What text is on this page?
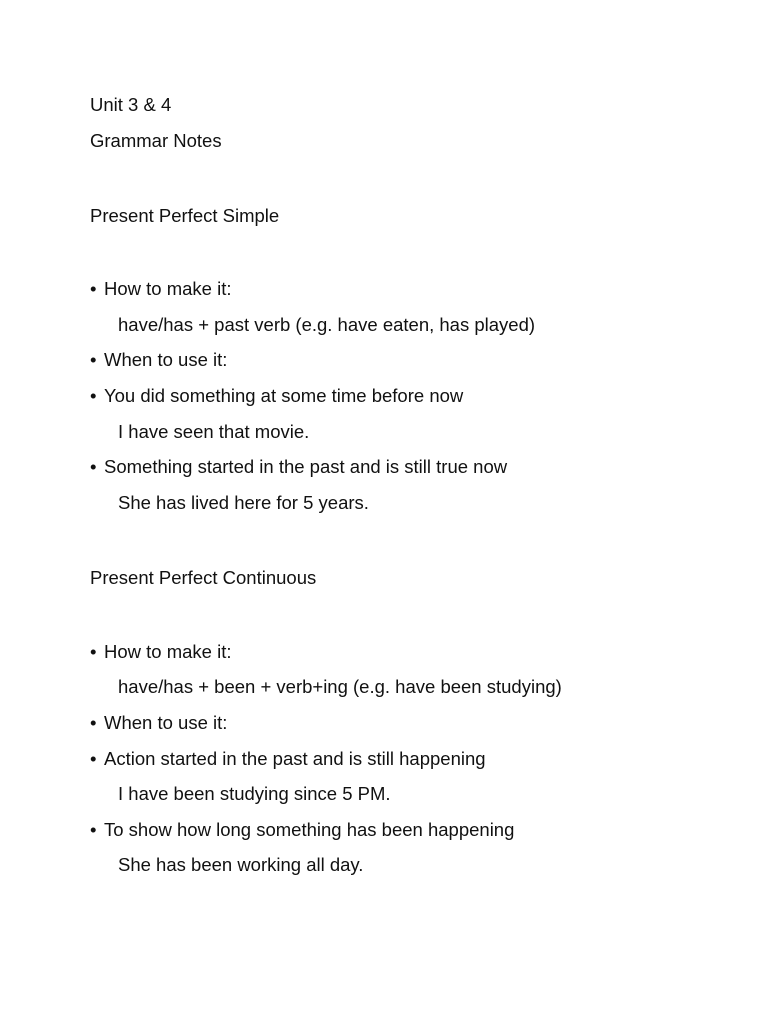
Unit 3 & 4
Grammar Notes
Present Perfect Simple
• How to make it:
have/has + past verb (e.g. have eaten, has played)
• When to use it:
• You did something at some time before now
I have seen that movie.
• Something started in the past and is still true now
She has lived here for 5 years.
Present Perfect Continuous
• How to make it:
have/has + been + verb+ing (e.g. have been studying)
• When to use it:
• Action started in the past and is still happening
I have been studying since 5 PM.
• To show how long something has been happening
She has been working all day.
